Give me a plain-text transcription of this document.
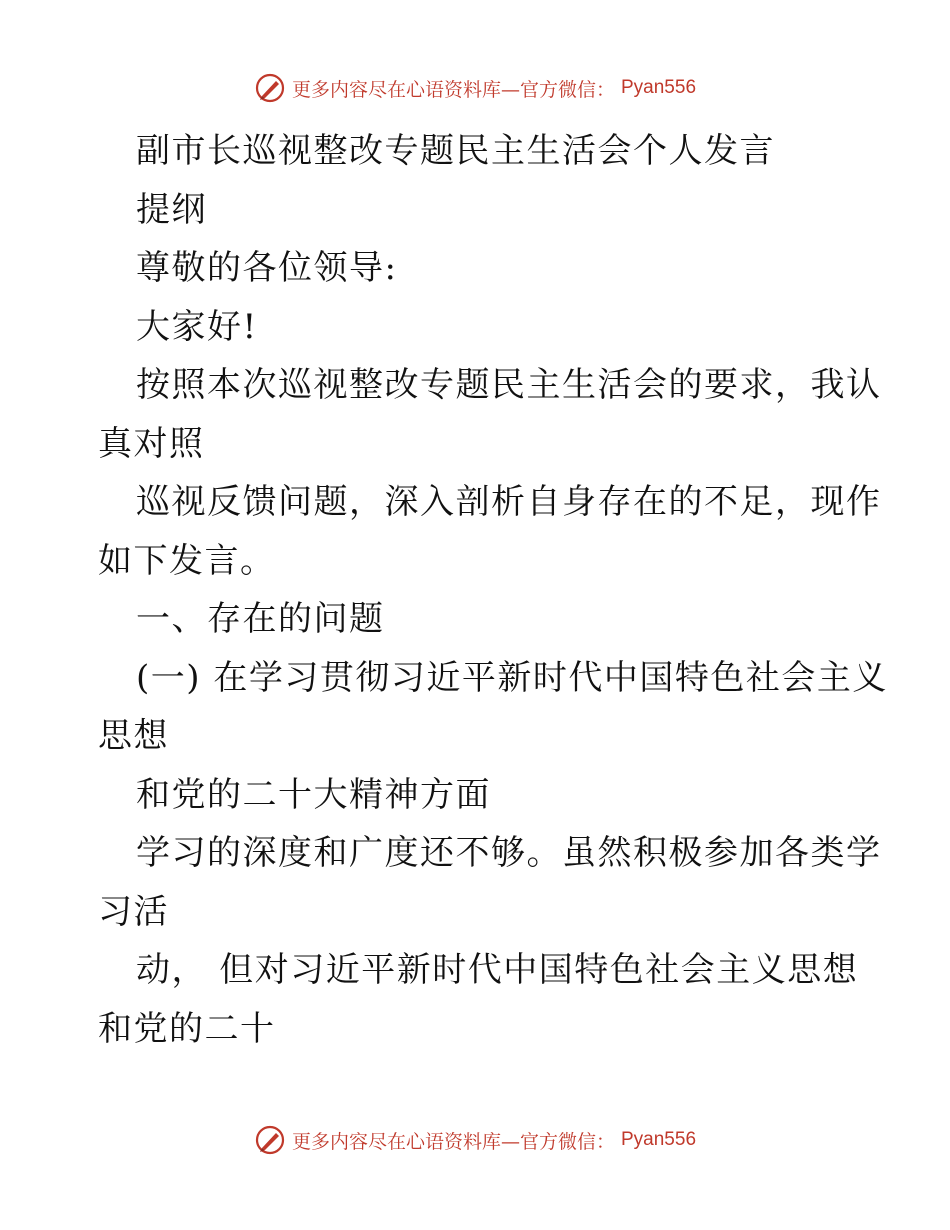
更多内容尽在心语资料库—官方微信： Pyan556
副市长巡视整改专题民主生活会个人发言
提纲
尊敬的各位领导:
大家好!
按照本次巡视整改专题民主生活会的要求，我认
真对照
巡视反馈问题，深入剖析自身存在的不足，现作
如下发言。
一、存在的问题
(一) 在学习贯彻习近平新时代中国特色社会主义
思想
和党的二十大精神方面
学习的深度和广度还不够。虽然积极参加各类学
习活
动， 但对习近平新时代中国特色社会主义思想
和党的二十
更多内容尽在心语资料库—官方微信： Pyan556
